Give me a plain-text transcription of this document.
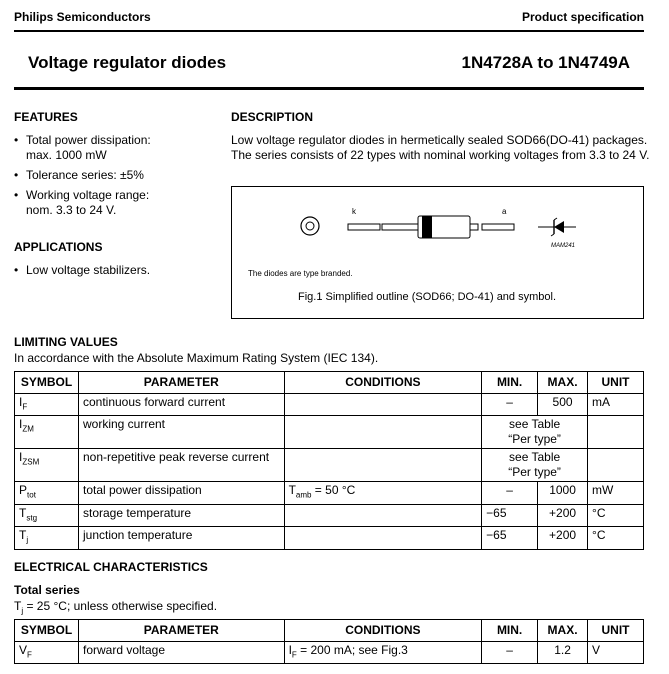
Philips Semiconductors	Product specification
Voltage regulator diodes	1N4728A to 1N4749A
FEATURES
• Total power dissipation:
max. 1000 mW
• Tolerance series: ±5%
• Working voltage range:
nom. 3.3 to 24 V.
APPLICATIONS
• Low voltage stabilizers.
DESCRIPTION
Low voltage regulator diodes in hermetically sealed SOD66(DO-41) packages.
The series consists of 22 types with nominal working voltages from 3.3 to 24 V.
k	a
MAM241
The diodes are type branded.
Fig.1 Simplified outline (SOD66; DO-41) and symbol.
LIMITING VALUES
In accordance with the Absolute Maximum Rating System (IEC 134).
SYMBOL	PARAMETER	CONDITIONS	MIN.	MAX.	UNIT
$I_F$	continuous forward current		–	500	mA
$I_{ZM}$	working current		see Table
“Per type”		

$I_{ZSM}$	non-repetitive peak reverse current		see Table
“Per type”		

$P_{tot}$	total power dissipation	$T_{amb} = 50$ °C	–	1000	mW
$T_{stg}$	storage temperature		−65	+200	°C
$T_j$	junction temperature		−65	+200	°C
ELECTRICAL CHARACTERISTICS
Total series
$T_j = 25$ °C; unless otherwise specified.
SYMBOL	PARAMETER	CONDITIONS	MIN.	MAX.	UNIT
$V_F$	forward voltage	$I_F = 200$ mA; see Fig.3	–	1.2	V
